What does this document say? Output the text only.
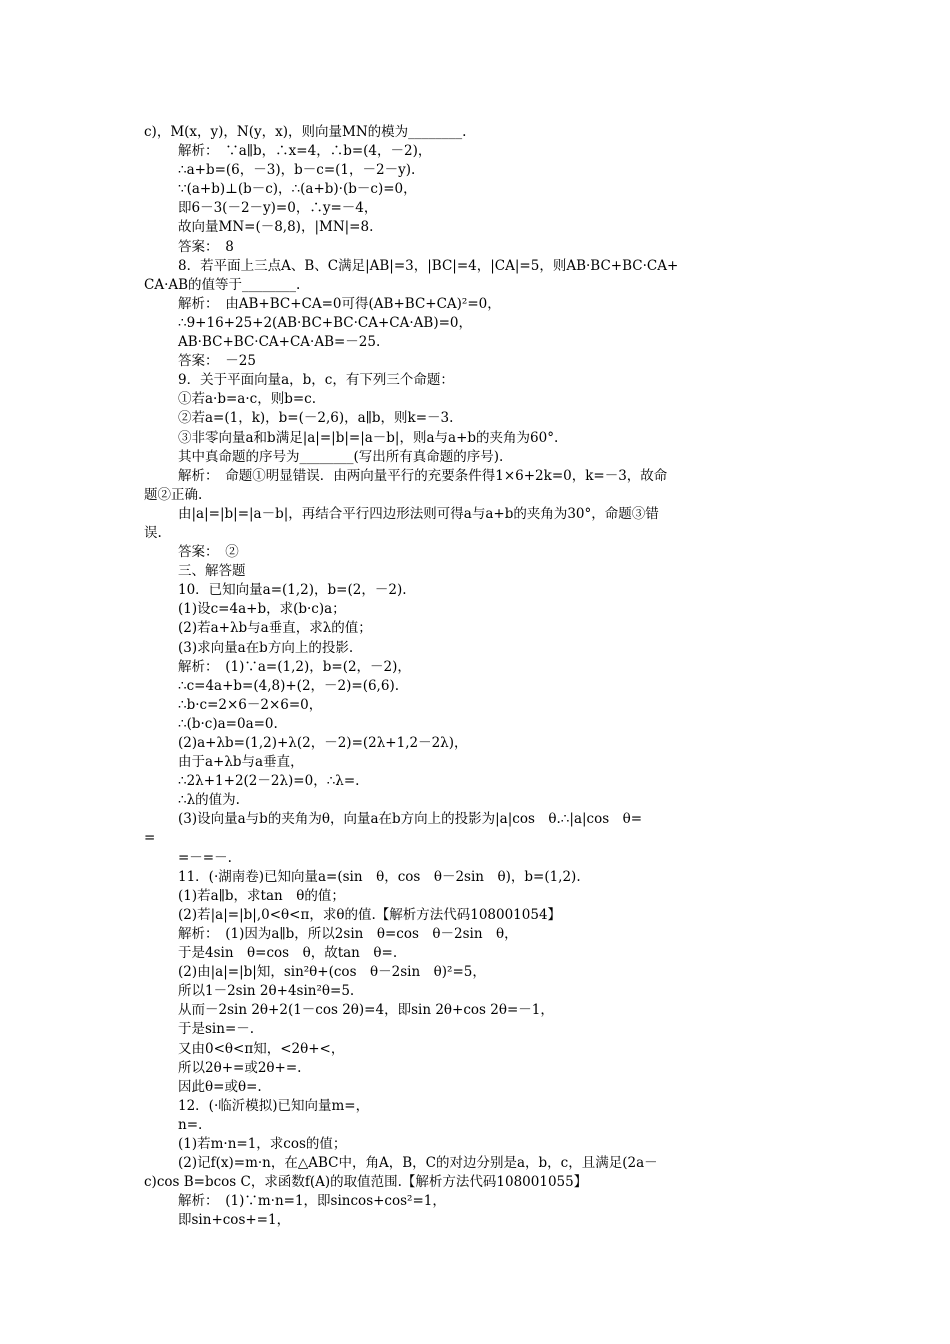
c)，M(x，y)，N(y，x)，则向量MN的模为________.
解析：　∵a∥b，∴x=4，∴b=(4，－2)，
∴a+b=(6，－3)，b－c=(1，－2－y).
∵(a+b)⊥(b－c)，∴(a+b)·(b－c)=0，
即6－3(－2－y)=0，∴y=－4，
故向量MN=(－8,8)，|MN|=8.
答案：　8
8．若平面上三点A、B、C满足|AB|=3，|BC|=4，|CA|=5，则AB·BC+BC·CA+
CA·AB的值等于________.
解析：　由AB+BC+CA=0可得(AB+BC+CA)²=0，
∴9+16+25+2(AB·BC+BC·CA+CA·AB)=0，
AB·BC+BC·CA+CA·AB=－25.
答案：　－25
9．关于平面向量a，b，c，有下列三个命题：
①若a·b=a·c，则b=c.
②若a=(1，k)，b=(－2,6)，a∥b，则k=－3.
③非零向量a和b满足|a|=|b|=|a－b|，则a与a+b的夹角为60°.
其中真命题的序号为________(写出所有真命题的序号).
解析：　命题①明显错误．由两向量平行的充要条件得1×6+2k=0，k=－3，故命
题②正确.
由|a|=|b|=|a－b|，再结合平行四边形法则可得a与a+b的夹角为30°，命题③错
误.
答案：　②
三、解答题
10．已知向量a=(1,2)，b=(2，－2).
(1)设c=4a+b，求(b·c)a；
(2)若a+λb与a垂直，求λ的值；
(3)求向量a在b方向上的投影.
解析：　(1)∵a=(1,2)，b=(2，－2)，
∴c=4a+b=(4,8)+(2，－2)=(6,6).
∴b·c=2×6－2×6=0，
∴(b·c)a=0a=0.
(2)a+λb=(1,2)+λ(2，－2)=(2λ+1,2－2λ)，
由于a+λb与a垂直，
∴2λ+1+2(2－2λ)=0，∴λ=.
∴λ的值为.
(3)设向量a与b的夹角为θ，向量a在b方向上的投影为|a|cos　θ.∴|a|cos　θ=
=
=－=－.
11．(·湖南卷)已知向量a=(sin　θ，cos　θ－2sin　θ)，b=(1,2).
(1)若a∥b，求tan　θ的值；
(2)若|a|=|b|,0<θ<π，求θ的值.【解析方法代码108001054】
解析：　(1)因为a∥b，所以2sin　θ=cos　θ－2sin　θ，
于是4sin　θ=cos　θ，故tan　θ=.
(2)由|a|=|b|知，sin²θ+(cos　θ－2sin　θ)²=5，
所以1－2sin 2θ+4sin²θ=5.
从而－2sin 2θ+2(1－cos 2θ)=4，即sin 2θ+cos 2θ=－1，
于是sin=－.
又由0<θ<π知，<2θ+<，
所以2θ+=或2θ+=.
因此θ=或θ=.
12．(·临沂模拟)已知向量m=，
n=.
(1)若m·n=1，求cos的值；
(2)记f(x)=m·n，在△ABC中，角A，B，C的对边分别是a，b，c，且满足(2a－
c)cos B=bcos C，求函数f(A)的取值范围.【解析方法代码108001055】
解析：　(1)∵m·n=1，即sincos+cos²=1，
即sin+cos+=1，
